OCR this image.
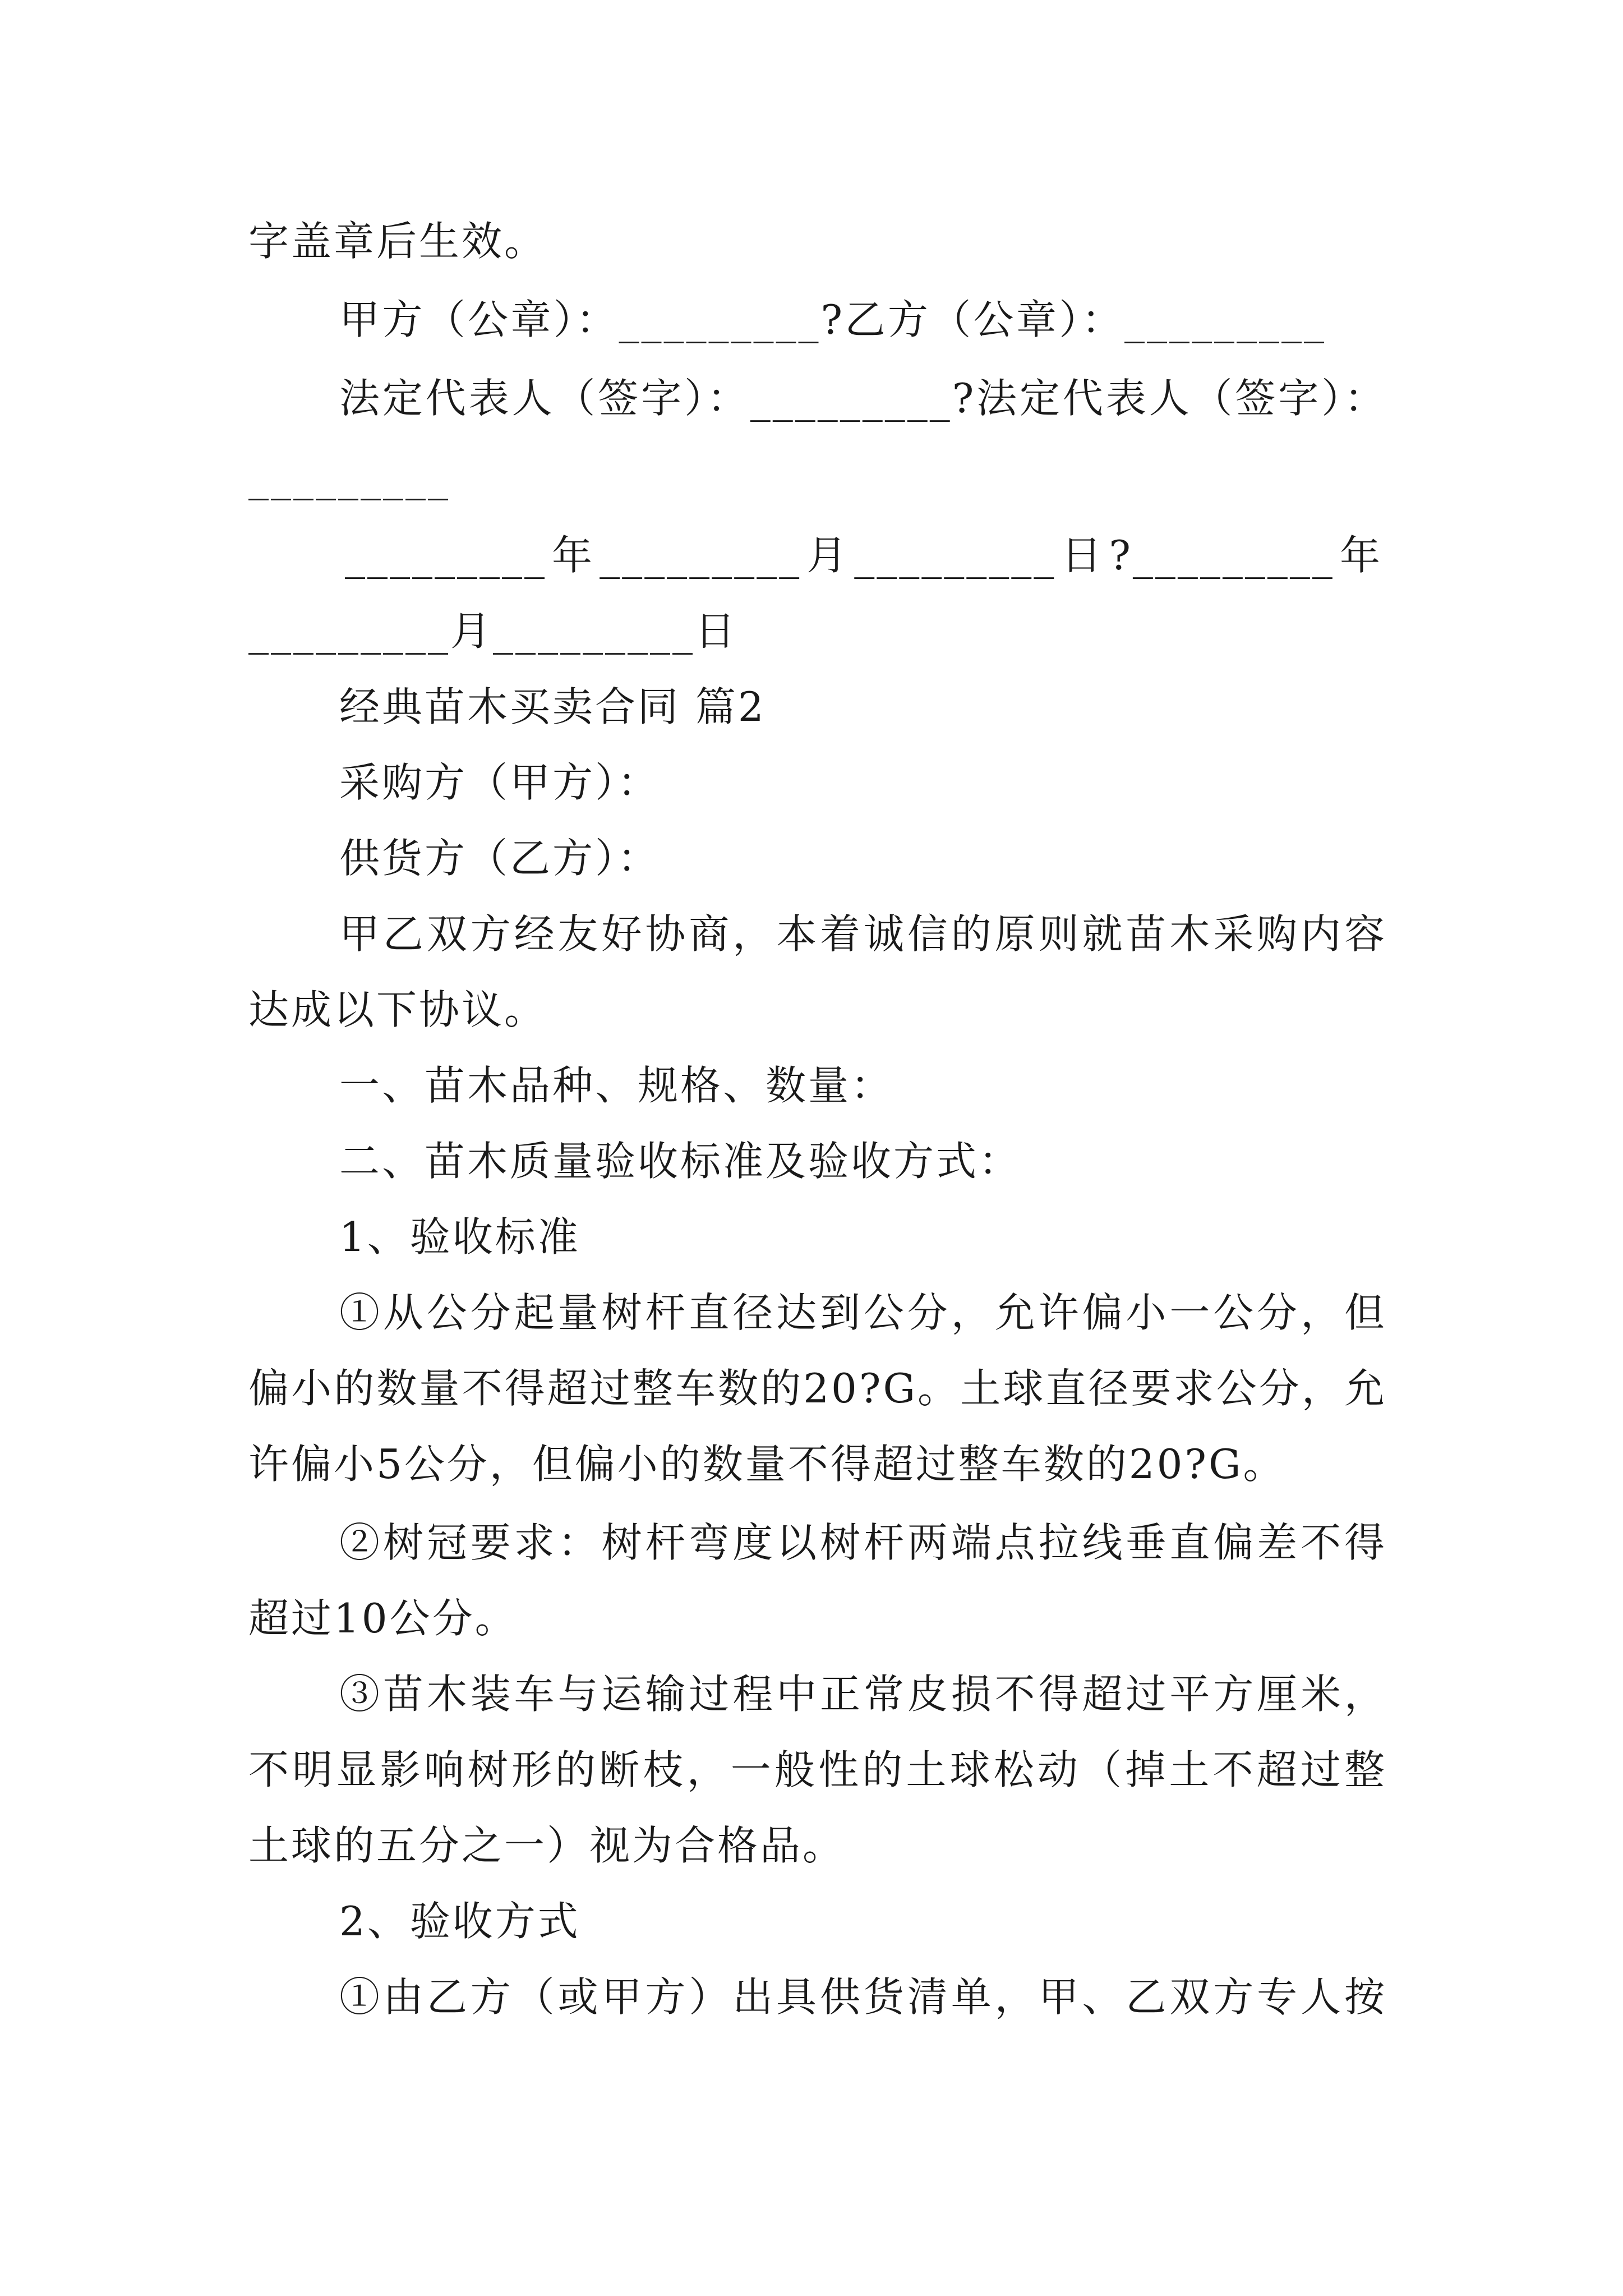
字盖章后生效。
甲方（公章）：_________?乙方（公章）：_________
法定代表人（签字）：_________?法定代表人（签字）：
_________
_________年_________月_________日?_________年
_________月_________日
经典苗木买卖合同 篇2
采购方（甲方）：
供货方（乙方）：
甲乙双方经友好协商，本着诚信的原则就苗木采购内容
达成以下协议。
一、苗木品种、规格、数量：
二、苗木质量验收标准及验收方式：
1、验收标准
①从公分起量树杆直径达到公分，允许偏小一公分，但
偏小的数量不得超过整车数的20?G。土球直径要求公分，允
许偏小5公分，但偏小的数量不得超过整车数的20?G。
②树冠要求：树杆弯度以树杆两端点拉线垂直偏差不得
超过10公分。
③苗木装车与运输过程中正常皮损不得超过平方厘米，
不明显影响树形的断枝，一般性的土球松动（掉土不超过整
土球的五分之一）视为合格品。
2、验收方式
①由乙方（或甲方）出具供货清单，甲、乙双方专人按
